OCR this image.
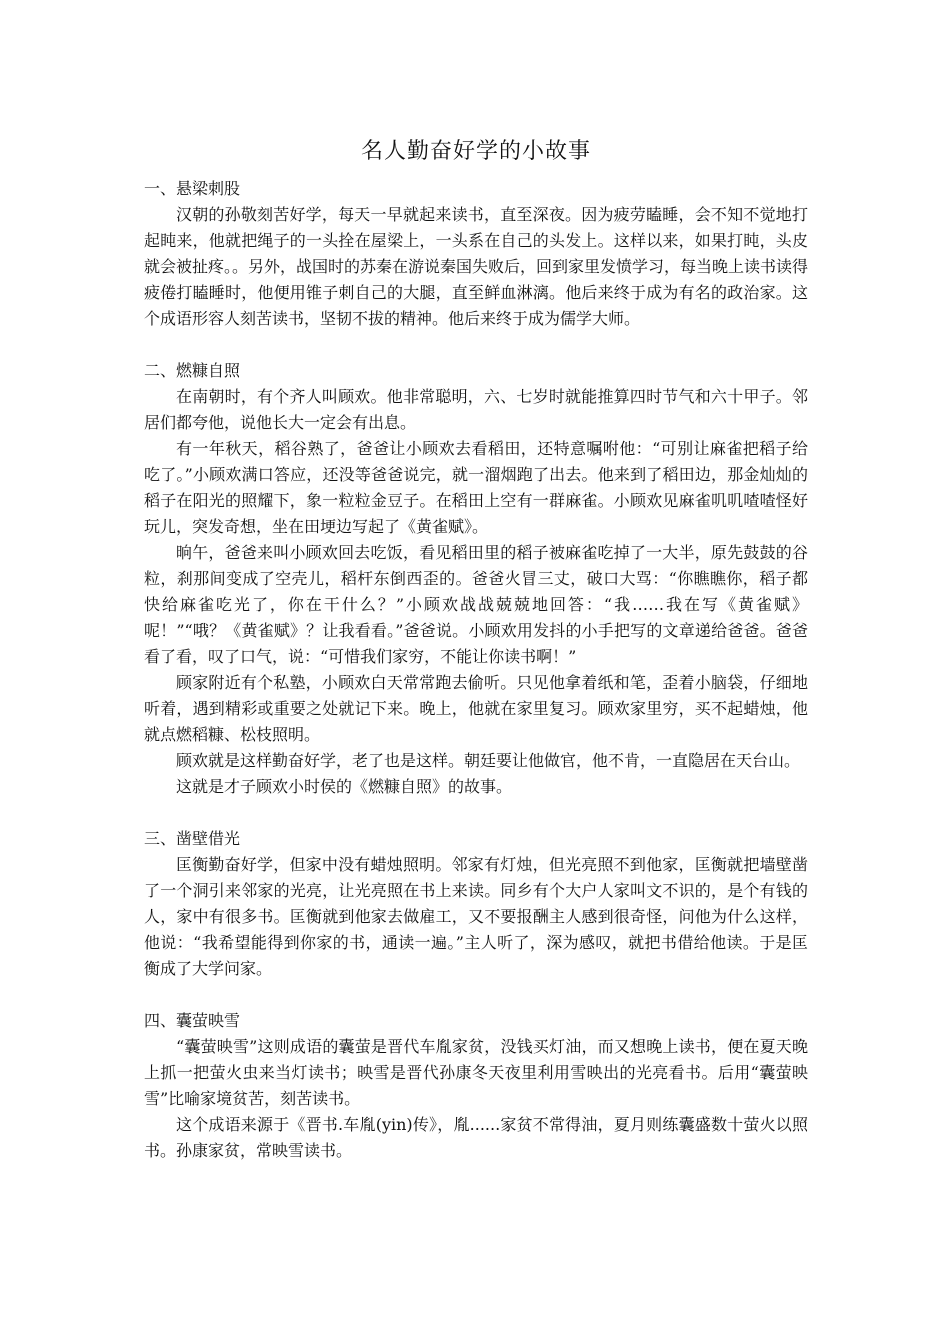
名人勤奋好学的小故事
一、悬梁刺股

汉朝的孙敬刻苦好学，每天一早就起来读书，直至深夜。因为疲劳瞌睡，会不知不觉地打起盹来，他就把绳子的一头拴在屋梁上，一头系在自己的头发上。这样以来，如果打盹，头皮就会被扯疼。。另外，战国时的苏秦在游说秦国失败后，回到家里发愤学习，每当晚上读书读得疲倦打瞌睡时，他便用锥子刺自己的大腿，直至鲜血淋漓。他后来终于成为有名的政治家。这个成语形容人刻苦读书，坚韧不拔的精神。他后来终于成为儒学大师。

二、燃糠自照

在南朝时，有个齐人叫顾欢。他非常聪明，六、七岁时就能推算四时节气和六十甲子。邻居们都夸他，说他长大一定会有出息。

有一年秋天，稻谷熟了，爸爸让小顾欢去看稻田，还特意嘱咐他：“可别让麻雀把稻子给吃了。”小顾欢满口答应，还没等爸爸说完，就一溜烟跑了出去。他来到了稻田边，那金灿灿的稻子在阳光的照耀下，象一粒粒金豆子。在稻田上空有一群麻雀。小顾欢见麻雀叽叽喳喳怪好玩儿，突发奇想，坐在田埂边写起了《黄雀赋》。

晌午，爸爸来叫小顾欢回去吃饭，看见稻田里的稻子被麻雀吃掉了一大半，原先鼓鼓的谷粒，刹那间变成了空壳儿，稻杆东倒西歪的。爸爸火冒三丈，破口大骂：“你瞧瞧你，稻子都快给麻雀吃光了，你在干什么？”小顾欢战战兢兢地回答：“我……我在写《黄雀赋》呢！”“哦？《黄雀赋》？让我看看。”爸爸说。小顾欢用发抖的小手把写的文章递给爸爸。爸爸看了看，叹了口气，说：“可惜我们家穷，不能让你读书啊！”

顾家附近有个私塾，小顾欢白天常常跑去偷听。只见他拿着纸和笔，歪着小脑袋，仔细地听着，遇到精彩或重要之处就记下来。晚上，他就在家里复习。顾欢家里穷，买不起蜡烛，他就点燃稻糠、松枝照明。

顾欢就是这样勤奋好学，老了也是这样。朝廷要让他做官，他不肯，一直隐居在天台山。

这就是才子顾欢小时侯的《燃糠自照》的故事。

三、凿壁借光

匡衡勤奋好学，但家中没有蜡烛照明。邻家有灯烛，但光亮照不到他家，匡衡就把墙壁凿了一个洞引来邻家的光亮，让光亮照在书上来读。同乡有个大户人家叫文不识的，是个有钱的人，家中有很多书。匡衡就到他家去做雇工，又不要报酬主人感到很奇怪，问他为什么这样，他说：“我希望能得到你家的书，通读一遍。”主人听了，深为感叹，就把书借给他读。于是匡衡成了大学问家。

四、囊萤映雪

“囊萤映雪”这则成语的囊萤是晋代车胤家贫，没钱买灯油，而又想晚上读书，便在夏天晚上抓一把萤火虫来当灯读书；映雪是晋代孙康冬天夜里利用雪映出的光亮看书。后用“囊萤映雪”比喻家境贫苦，刻苦读书。

这个成语来源于《晋书.车胤(yin)传》，胤......家贫不常得油，夏月则练囊盛数十萤火以照书。孙康家贫，常映雪读书。
